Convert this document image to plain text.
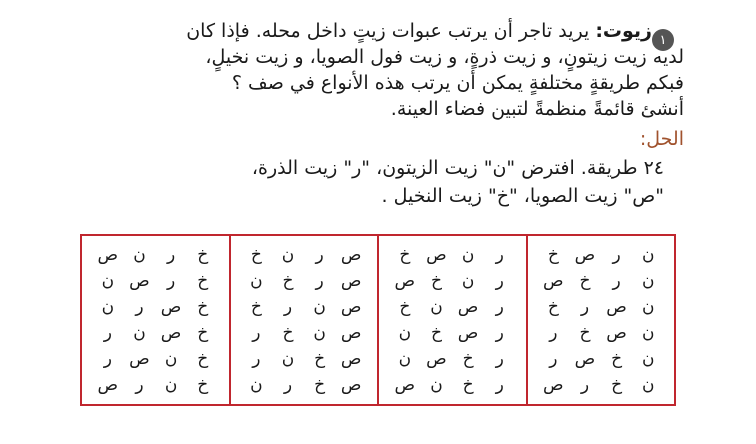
١
زيوت: يريد تاجر أن يرتب عبوات زيتٍ داخل محله. فإذا كان
لديه زيت زيتونٍ، و زيت ذرةٍ، و زيت فول الصويا، و زيت نخيلٍ،
فبكم طريقةٍ مختلفةٍ يمكن أن يرتب هذه الأنواع في صف ؟
أنشئ قائمةً منظمةً لتبين فضاء العينة.
الحل:
٢٤ طريقة. افترض "ن" زيت الزيتون، "ر" زيت الذرة،
"ص" زيت الصويا، "خ" زيت النخيل .
خ
ر
ن
ص
خ
ر
ص
ن
خ
ص
ر
ن
خ
ص
ن
ر
خ
ن
ص
ر
خ
ن
ر
ص
ص
ر
ن
خ
ص
ر
خ
ن
ص
ن
ر
خ
ص
ن
خ
ر
ص
خ
ن
ر
ص
خ
ر
ن
ر
ن
ص
خ
ر
ن
خ
ص
ر
ص
ن
خ
ر
ص
خ
ن
ر
خ
ص
ن
ر
خ
ن
ص
ن
ر
ص
خ
ن
ر
خ
ص
ن
ص
ر
خ
ن
ص
خ
ر
ن
خ
ص
ر
ن
خ
ر
ص
